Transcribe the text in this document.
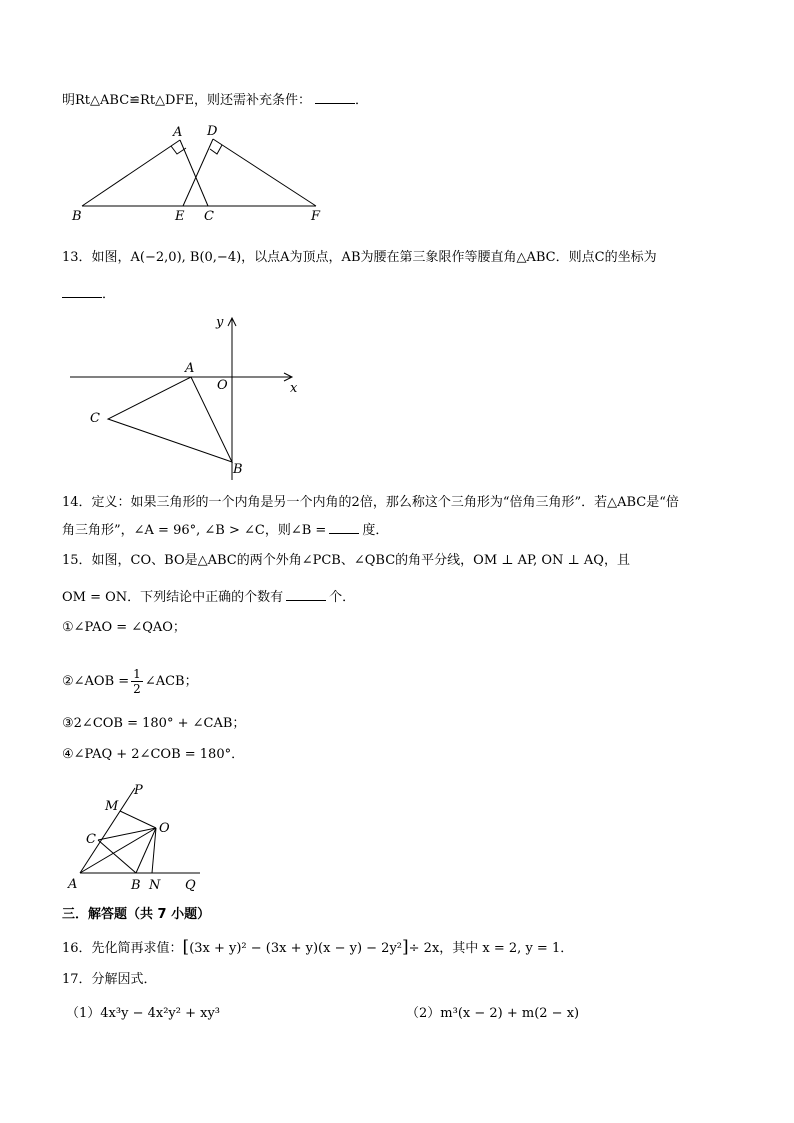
明Rt△ABC≌Rt△DFE，则还需补充条件：	．
A D
B	E C	F
13．如图，A(−2,0), B(0,−4)，以点A为顶点，AB为腰在第三象限作等腰直角△ABC．则点C的坐标为
．
y
x
A
O
C
B
14．定义：如果三角形的一个内角是另一个内角的2倍，那么称这个三角形为“倍角三角形”．若△ABC是“倍
角三角形”，∠A = 96°, ∠B > ∠C，则∠B =	度．
15．如图，CO、BO是△ABC的两个外角∠PCB、∠QBC的角平分线，OM ⊥ AP, ON ⊥ AQ，且
OM = ON．下列结论中正确的个数有	个．
①∠PAO = ∠QAO；
②∠AOB = $\frac{1}{2}$ ∠ACB；
③2∠COB = 180° + ∠CAB；
④∠PAQ + 2∠COB = 180°．
P
M
O
C
A	B N Q
三．解答题（共 7 小题）
16．先化简再求值：[(3x + y)² − (3x + y)(x − y) − 2y²]÷ 2x，其中 x = 2, y = 1．
17．分解因式．
（1）4x³y − 4x²y² + xy³	（2）m³(x − 2) + m(2 − x)
